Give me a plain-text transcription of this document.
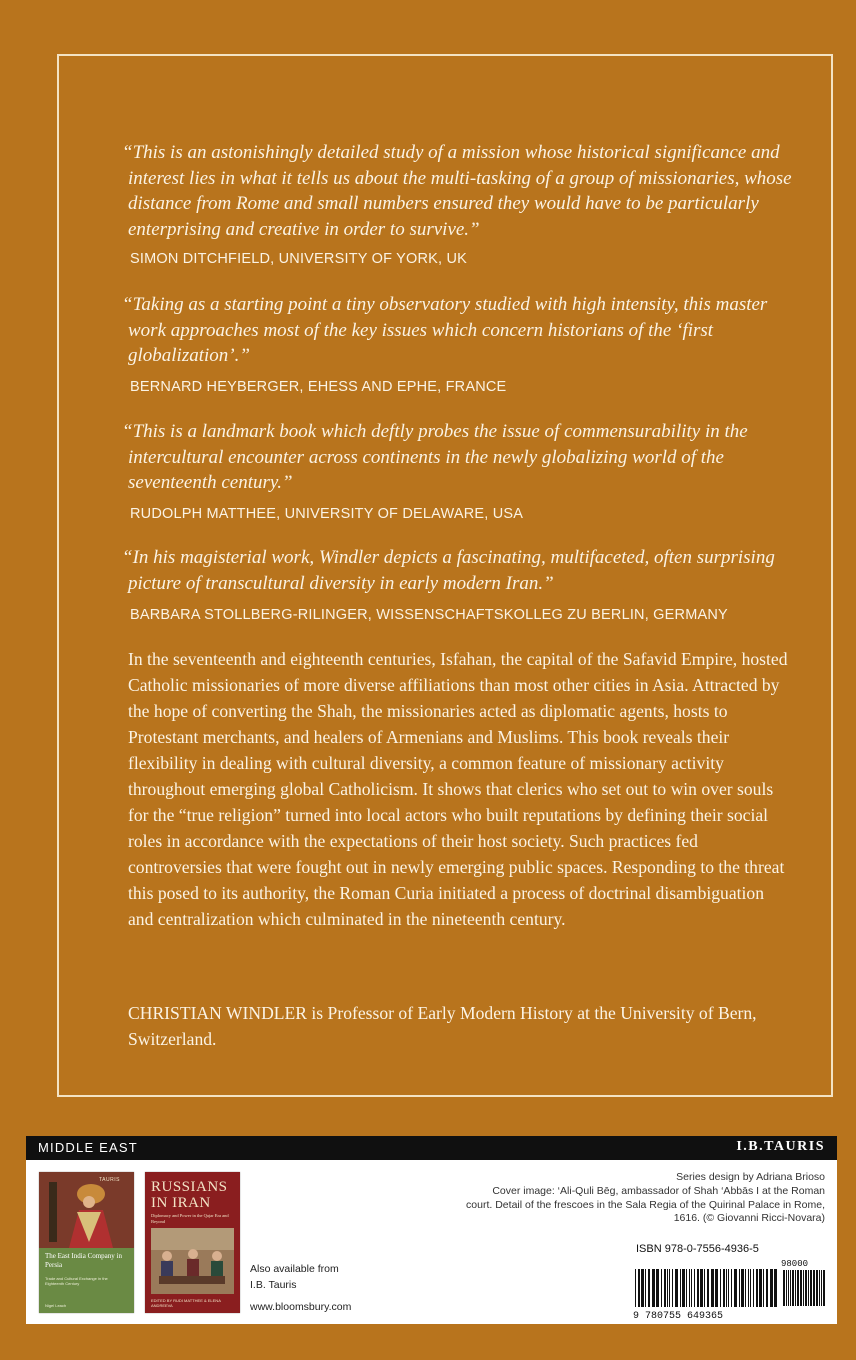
“This is an astonishingly detailed study of a mission whose historical significance and interest lies in what it tells us about the multi-tasking of a group of missionaries, whose distance from Rome and small numbers ensured they would have to be particularly enterprising and creative in order to survive.”

SIMON DITCHFIELD, UNIVERSITY OF YORK, UK

“Taking as a starting point a tiny observatory studied with high intensity, this master work approaches most of the key issues which concern historians of the ‘first globalization’.”

BERNARD HEYBERGER, EHESS AND EPHE, FRANCE

“This is a landmark book which deftly probes the issue of commensurability in the intercultural encounter across continents in the newly globalizing world of the seventeenth century.”

RUDOLPH MATTHEE, UNIVERSITY OF DELAWARE, USA

“In his magisterial work, Windler depicts a fascinating, multifaceted, often surprising picture of transcultural diversity in early modern Iran.”

BARBARA STOLLBERG-RILINGER, WISSENSCHAFTSKOLLEG ZU BERLIN, GERMANY

In the seventeenth and eighteenth centuries, Isfahan, the capital of the Safavid Empire, hosted Catholic missionaries of more diverse affiliations than most other cities in Asia. Attracted by the hope of converting the Shah, the missionaries acted as diplomatic agents, hosts to Protestant merchants, and healers of Armenians and Muslims. This book reveals their flexibility in dealing with cultural diversity, a common feature of missionary activity throughout emerging global Catholicism. It shows that clerics who set out to win over souls for the “true religion” turned into local actors who built reputations by defining their social roles in accordance with the expectations of their host society. Such practices fed controversies that were fought out in newly emerging public spaces. Responding to the threat this posed to its authority, the Roman Curia initiated a process of doctrinal disambiguation and centralization which culminated in the nineteenth century.

CHRISTIAN WINDLER is Professor of Early Modern History at the University of Bern, Switzerland.

MIDDLE EAST	I.B.TAURIS
TAURIS
The East India Company in Persia
Trade and Cultural Exchange in the Eighteenth Century
Nigel Leach
RUSSIANS
IN IRAN
Diplomacy and Power in the Qajar Era and Beyond
EDITED BY RUDI MATTHEE & ELENA ANDREEVA
Also available from
I.B. Tauris
www.bloomsbury.com
Series design by Adriana Brioso
Cover image: ‘Ali-Quli Bēg, ambassador of Shah ‘Abbās I at the Roman court. Detail of the frescoes in the Sala Regia of the Quirinal Palace in Rome, 1616. (© Giovanni Ricci-Novara)
ISBN 978-0-7556-4936-5
9 780755 649365
98000
